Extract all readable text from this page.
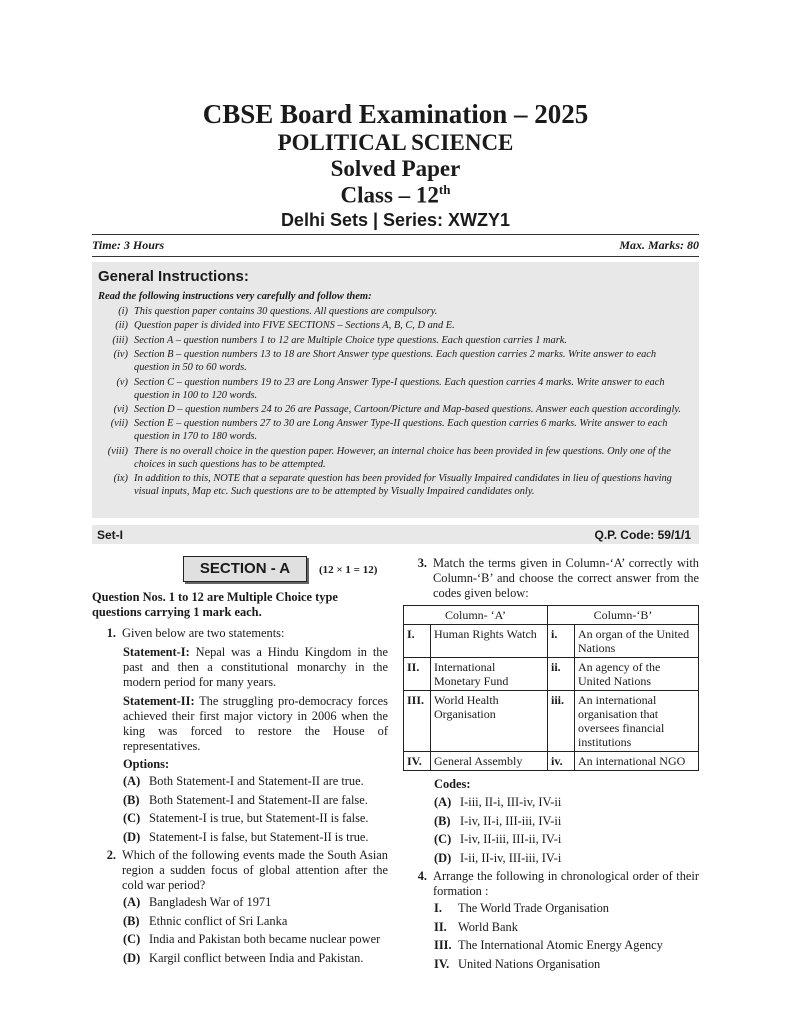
CBSE Board Examination – 2025
POLITICAL SCIENCE
Solved Paper
Class – 12th
Delhi Sets | Series: XWZY1
Time: 3 Hours	Max. Marks: 80
General Instructions:
Read the following instructions very carefully and follow them:
(i) This question paper contains 30 questions. All questions are compulsory.
(ii) Question paper is divided into FIVE SECTIONS – Sections A, B, C, D and E.
(iii) Section A – question numbers 1 to 12 are Multiple Choice type questions. Each question carries 1 mark.
(iv) Section B – question numbers 13 to 18 are Short Answer type questions. Each question carries 2 marks. Write answer to each question in 50 to 60 words.
(v) Section C – question numbers 19 to 23 are Long Answer Type-I questions. Each question carries 4 marks. Write answer to each question in 100 to 120 words.
(vi) Section D – question numbers 24 to 26 are Passage, Cartoon/Picture and Map-based questions. Answer each question accordingly.
(vii) Section E – question numbers 27 to 30 are Long Answer Type-II questions. Each question carries 6 marks. Write answer to each question in 170 to 180 words.
(viii) There is no overall choice in the question paper. However, an internal choice has been provided in few questions. Only one of the choices in such questions has to be attempted.
(ix) In addition to this, NOTE that a separate question has been provided for Visually Impaired candidates in lieu of questions having visual inputs, Map etc. Such questions are to be attempted by Visually Impaired candidates only.
Set-I	Q.P. Code: 59/1/1
SECTION - A	(12 × 1 = 12)
Question Nos. 1 to 12 are Multiple Choice type questions carrying 1 mark each.
1. Given below are two statements:
Statement-I: Nepal was a Hindu Kingdom in the past and then a constitutional monarchy in the modern period for many years.
Statement-II: The struggling pro-democracy forces achieved their first major victory in 2006 when the king was forced to restore the House of representatives.
Options:
(A) Both Statement-I and Statement-II are true.
(B) Both Statement-I and Statement-II are false.
(C) Statement-I is true, but Statement-II is false.
(D) Statement-I is false, but Statement-II is true.
2. Which of the following events made the South Asian region a sudden focus of global attention after the cold war period?
(A) Bangladesh War of 1971
(B) Ethnic conflict of Sri Lanka
(C) India and Pakistan both became nuclear power
(D) Kargil conflict between India and Pakistan.
3. Match the terms given in Column-‘A’ correctly with Column-‘B’ and choose the correct answer from the codes given below:
Column- ‘A’		Column-‘B’	
I.	Human Rights Watch	i.	An organ of the United Nations
II.	International Monetary Fund	ii.	An agency of the United Nations
III.	World Health Organisation	iii.	An international organisation that oversees financial institutions
IV.	General Assembly	iv.	An international NGO
Codes:
(A) I-iii, II-i, III-iv, IV-ii
(B) I-iv, II-i, III-iii, IV-ii
(C) I-iv, II-iii, III-ii, IV-i
(D) I-ii, II-iv, III-iii, IV-i
4. Arrange the following in chronological order of their formation :
I.	The World Trade Organisation
II. World Bank
III. The International Atomic Energy Agency
IV. United Nations Organisation
